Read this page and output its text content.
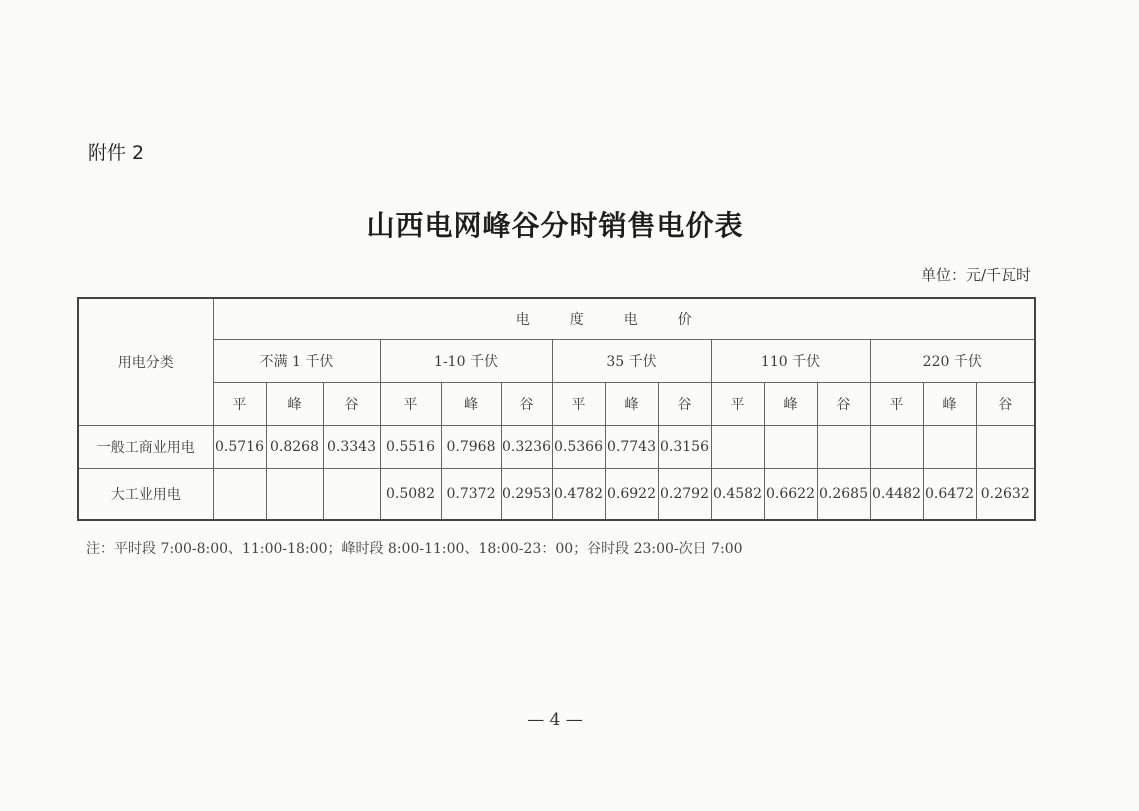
附件 2
山西电网峰谷分时销售电价表
单位：元/千瓦时
用电分类	电度电价														
	不满 1 千伏			1-10 千伏			35 千伏			110 千伏			220 千伏		
	平	峰	谷	平	峰	谷	平	峰	谷	平	峰	谷	平	峰	谷
一般工商业用电	0.5716	0.8268	0.3343	0.5516	0.7968	0.3236	0.5366	0.7743	0.3156						
大工业用电				0.5082	0.7372	0.2953	0.4782	0.6922	0.2792	0.4582	0.6622	0.2685	0.4482	0.6472	0.2632
注：平时段 7:00-8:00、11:00-18:00；峰时段 8:00-11:00、18:00-23：00；谷时段 23:00-次日 7:00
— 4 —
